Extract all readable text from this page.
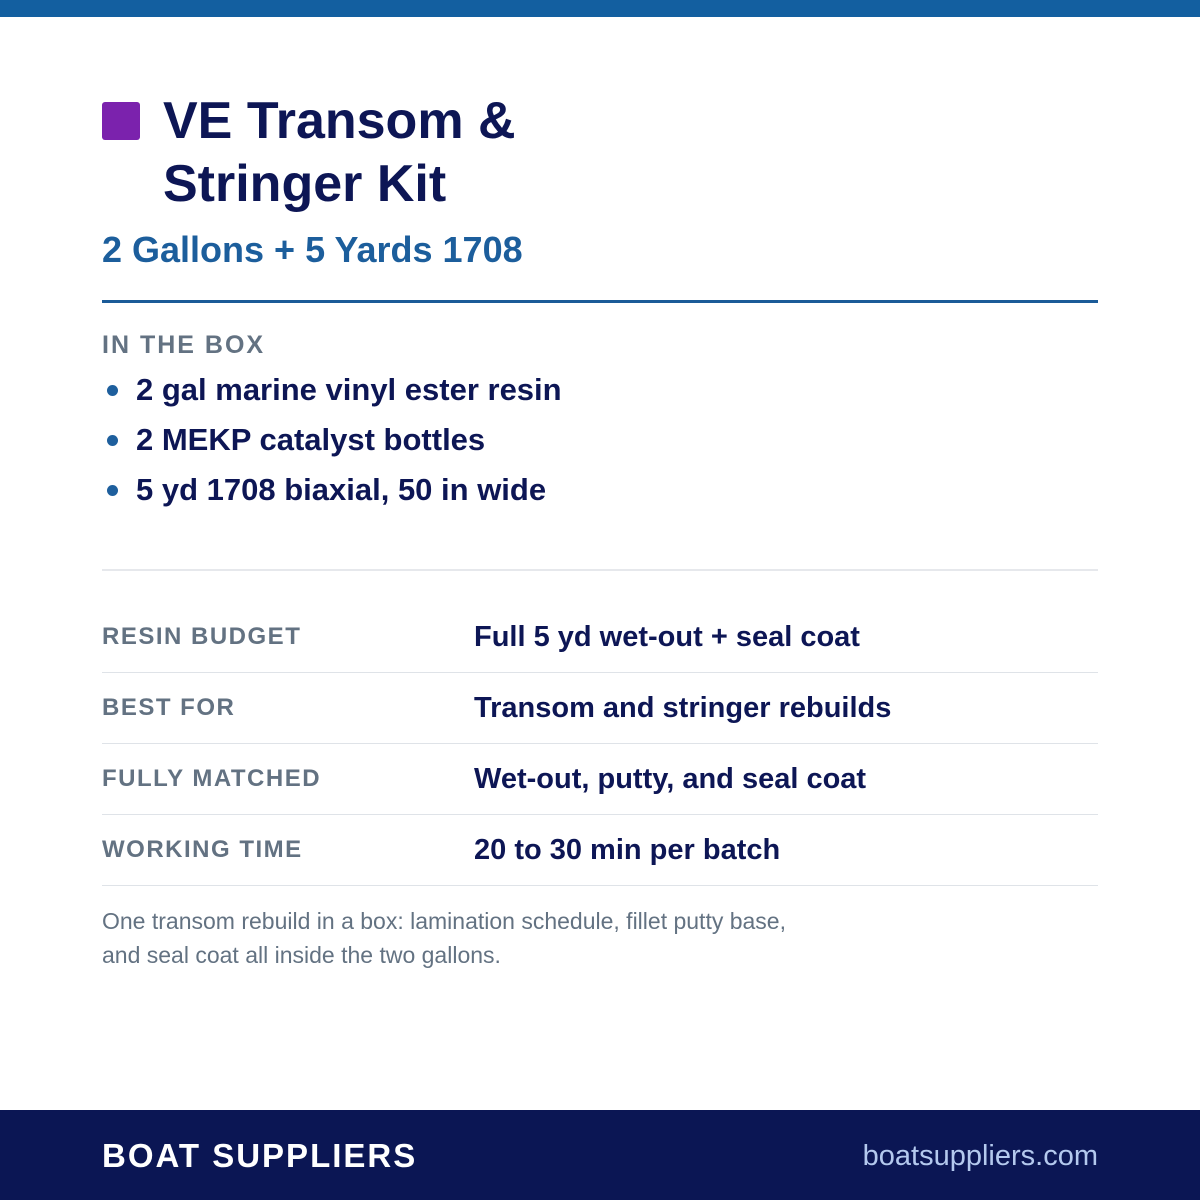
VE Transom & Stringer Kit
2 Gallons + 5 Yards 1708
IN THE BOX
2 gal marine vinyl ester resin
2 MEKP catalyst bottles
5 yd 1708 biaxial, 50 in wide
RESIN BUDGET	Full 5 yd wet-out + seal coat
BEST FOR	Transom and stringer rebuilds
FULLY MATCHED	Wet-out, putty, and seal coat
WORKING TIME	20 to 30 min per batch
One transom rebuild in a box: lamination schedule, fillet putty base, and seal coat all inside the two gallons.
BOAT SUPPLIERS	boatsuppliers.com
